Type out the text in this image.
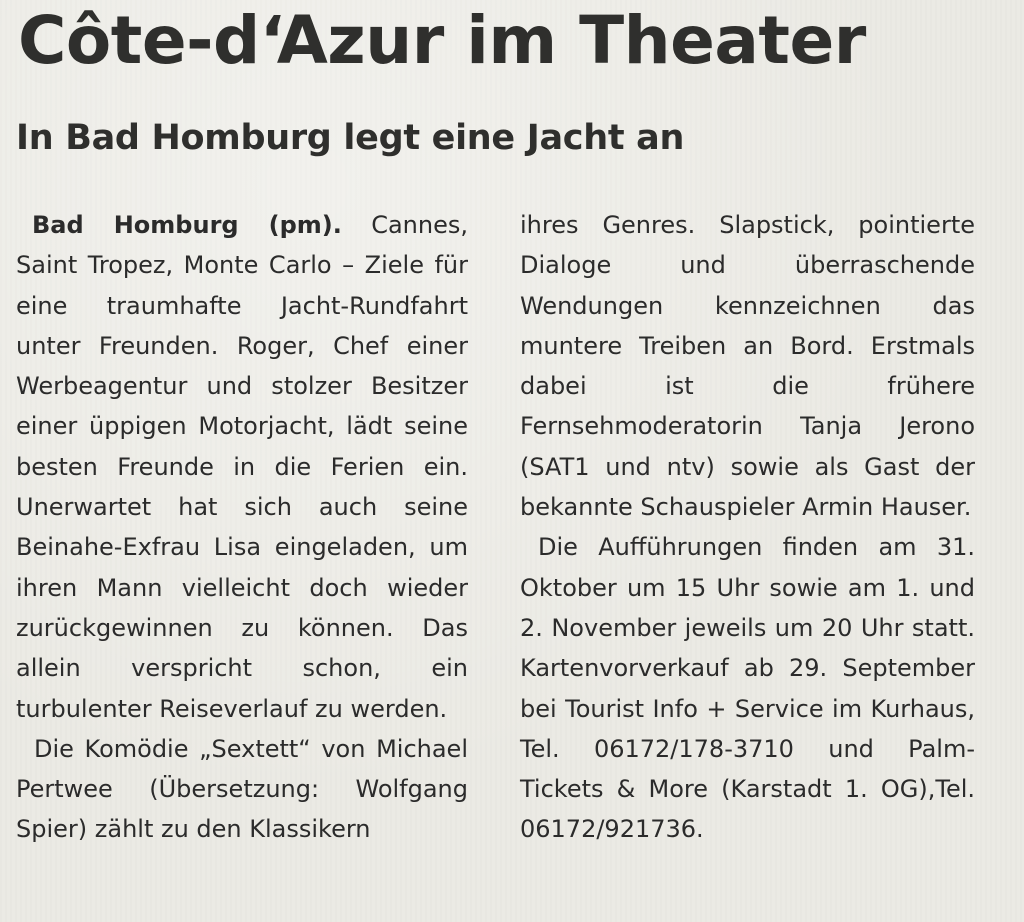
Côte-d‘Azur im Theater
In Bad Homburg legt eine Jacht an

Bad Homburg (pm). Cannes, Saint Tropez, Monte Carlo – Ziele für eine traumhafte Jacht-Rundfahrt unter Freunden. Roger, Chef einer Werbeagentur und stolzer Besitzer einer üppigen Motorjacht, lädt seine besten Freunde in die Ferien ein. Unerwartet hat sich auch seine Beinahe-Exfrau Lisa eingeladen, um ihren Mann vielleicht doch wieder zurückgewinnen zu können. Das allein verspricht schon, ein turbulenter Reiseverlauf zu werden.

Die Komödie „Sextett“ von Michael Pertwee (Übersetzung: Wolfgang Spier) zählt zu den Klassikern

ihres Genres. Slapstick, pointierte Dialoge und überraschende Wendungen kennzeichnen das muntere Treiben an Bord. Erstmals dabei ist die frühere Fernsehmoderatorin Tanja Jerono (SAT1 und ntv) sowie als Gast der bekannte Schauspieler Armin Hauser.

Die Aufführungen finden am 31. Oktober um 15 Uhr sowie am 1. und 2. November jeweils um 20 Uhr statt. Kartenvorverkauf ab 29. September bei Tourist Info + Service im Kurhaus, Tel. 06172/178-3710 und Palm-Tickets & More (Karstadt 1. OG),Tel. 06172/921736.
